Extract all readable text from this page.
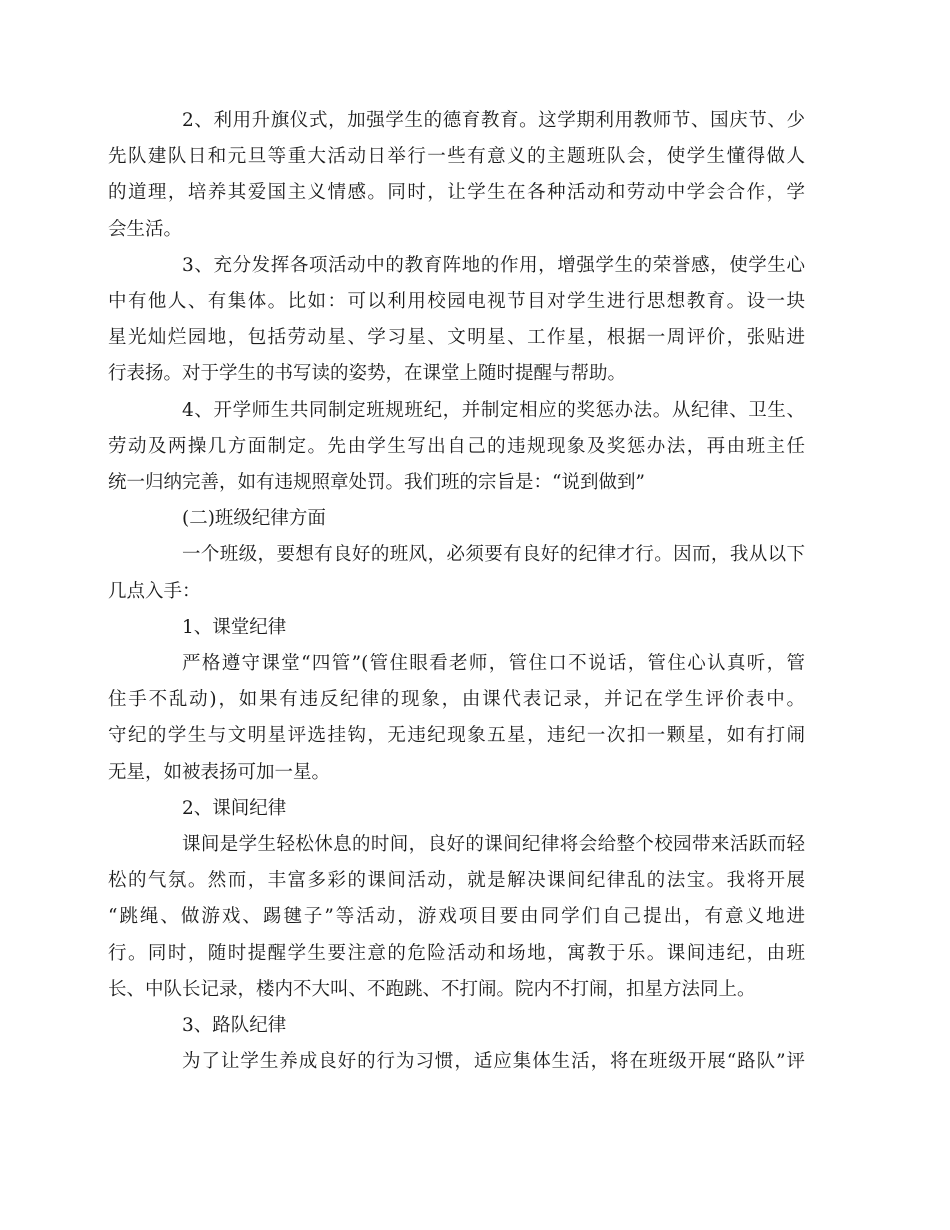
2、利用升旗仪式，加强学生的德育教育。这学期利用教师节、国庆节、少
先队建队日和元旦等重大活动日举行一些有意义的主题班队会，使学生懂得做人
的道理，培养其爱国主义情感。同时，让学生在各种活动和劳动中学会合作，学
会生活。
3、充分发挥各项活动中的教育阵地的作用，增强学生的荣誉感，使学生心
中有他人、有集体。比如：可以利用校园电视节目对学生进行思想教育。设一块
星光灿烂园地，包括劳动星、学习星、文明星、工作星，根据一周评价，张贴进
行表扬。对于学生的书写读的姿势，在课堂上随时提醒与帮助。
4、开学师生共同制定班规班纪，并制定相应的奖惩办法。从纪律、卫生、
劳动及两操几方面制定。先由学生写出自己的违规现象及奖惩办法，再由班主任
统一归纳完善，如有违规照章处罚。我们班的宗旨是：“说到做到”
(二)班级纪律方面
一个班级，要想有良好的班风，必须要有良好的纪律才行。因而，我从以下
几点入手：
1、课堂纪律
严格遵守课堂“四管”(管住眼看老师，管住口不说话，管住心认真听，管
住手不乱动)，如果有违反纪律的现象，由课代表记录，并记在学生评价表中。
守纪的学生与文明星评选挂钩，无违纪现象五星，违纪一次扣一颗星，如有打闹
无星，如被表扬可加一星。
2、课间纪律
课间是学生轻松休息的时间，良好的课间纪律将会给整个校园带来活跃而轻
松的气氛。然而，丰富多彩的课间活动，就是解决课间纪律乱的法宝。我将开展
“跳绳、做游戏、踢毽子”等活动，游戏项目要由同学们自己提出，有意义地进
行。同时，随时提醒学生要注意的危险活动和场地，寓教于乐。课间违纪，由班
长、中队长记录，楼内不大叫、不跑跳、不打闹。院内不打闹，扣星方法同上。
3、路队纪律
为了让学生养成良好的行为习惯，适应集体生活，将在班级开展“路队”评
